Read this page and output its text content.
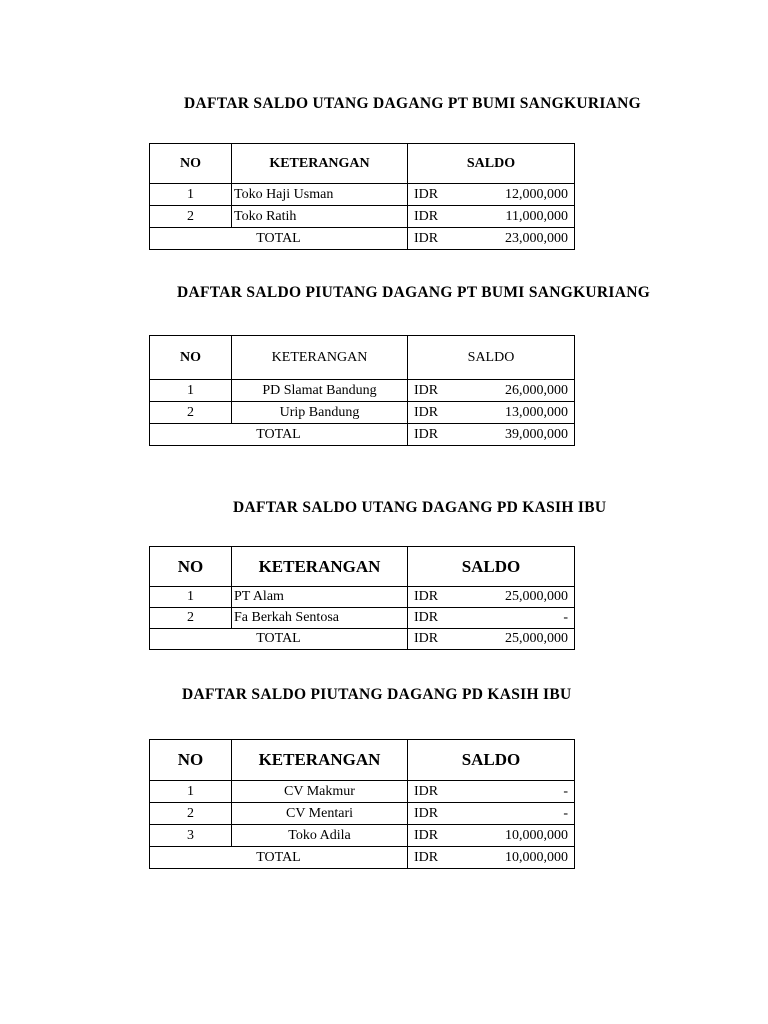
DAFTAR SALDO UTANG DAGANG PT BUMI SANGKURIANG
NO	KETERANGAN	SALDO
1	Toko Haji Usman	IDR 12,000,000

2	Toko Ratih	IDR 11,000,000

TOTAL		IDR 23,000,000
DAFTAR SALDO PIUTANG DAGANG PT BUMI SANGKURIANG
NO	KETERANGAN	SALDO
1	PD Slamat Bandung	IDR 26,000,000

2	Urip Bandung	IDR 13,000,000

TOTAL		IDR 39,000,000
DAFTAR SALDO UTANG DAGANG PD KASIH IBU
NO	KETERANGAN	SALDO
1	PT Alam	IDR 25,000,000

2	Fa Berkah Sentosa	IDR -

TOTAL		IDR 25,000,000
DAFTAR SALDO PIUTANG DAGANG PD KASIH IBU
NO	KETERANGAN	SALDO
1	CV Makmur	IDR -

2	CV Mentari	IDR -

3	Toko Adila	IDR 10,000,000

TOTAL		IDR 10,000,000
